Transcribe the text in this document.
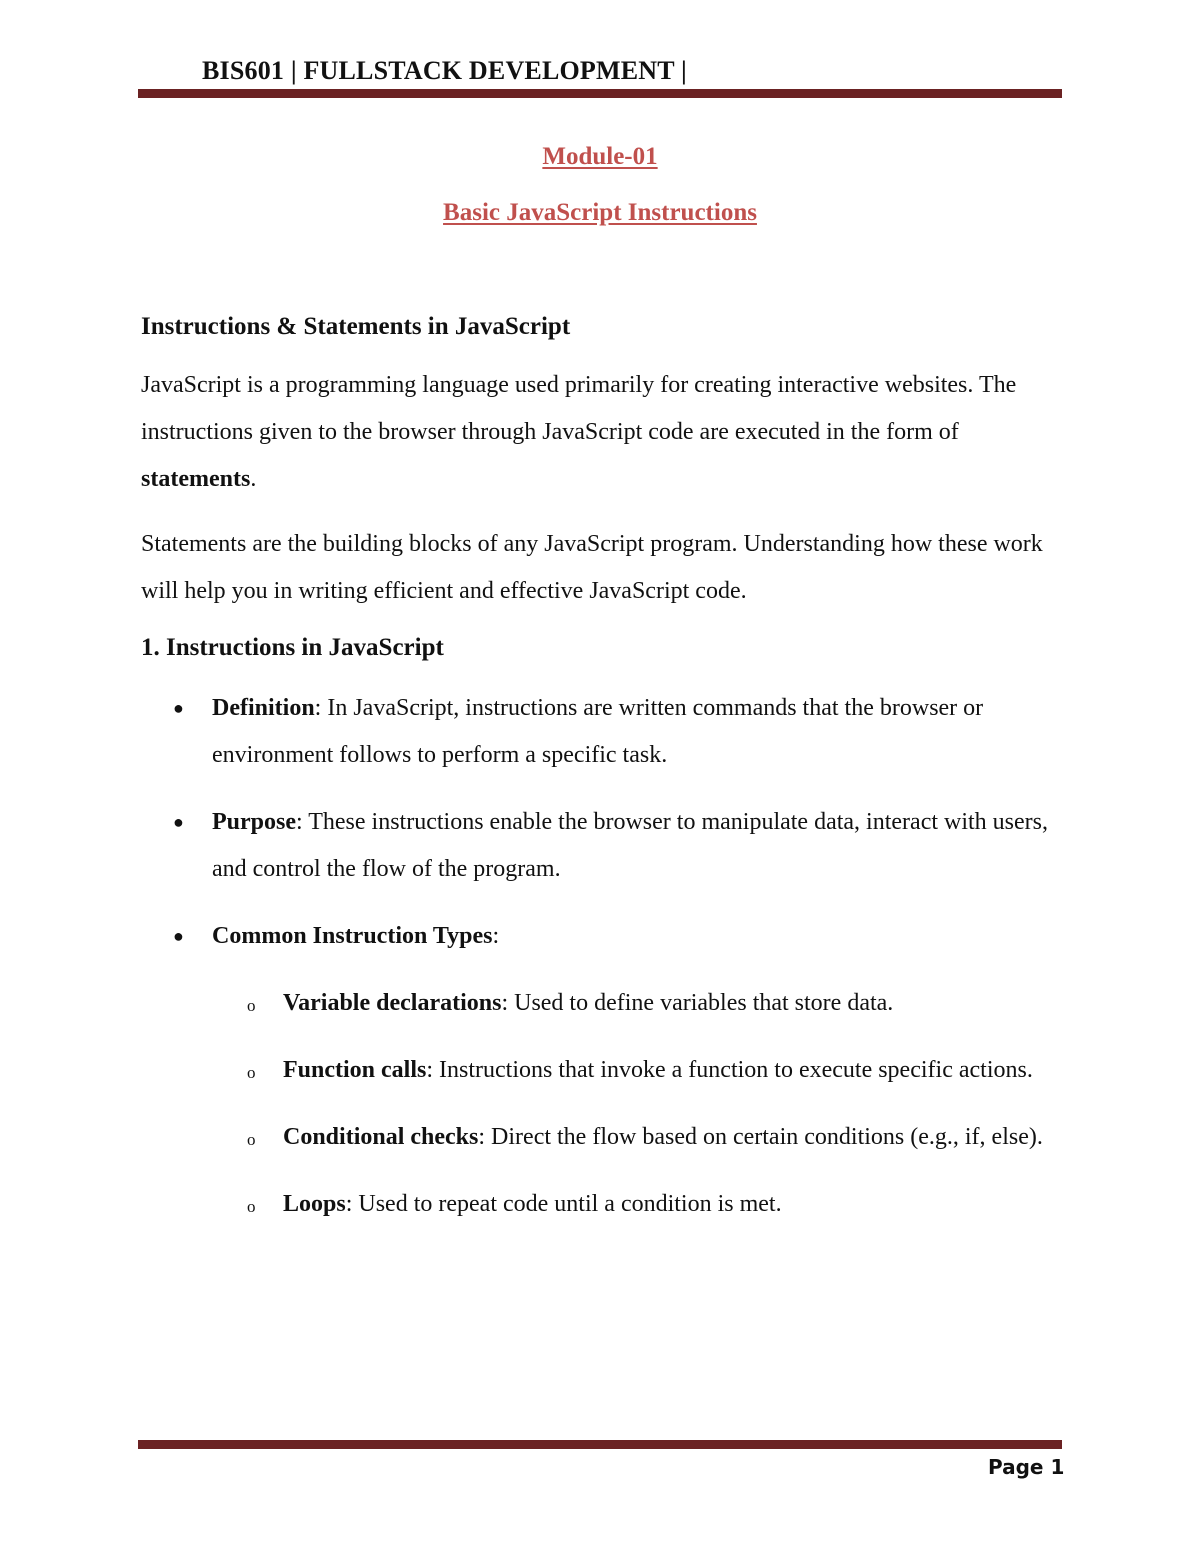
BIS601 | FULLSTACK DEVELOPMENT |
Module-01
Basic JavaScript Instructions
Instructions & Statements in JavaScript

JavaScript is a programming language used primarily for creating interactive websites. The instructions given to the browser through JavaScript code are executed in the form of statements.

Statements are the building blocks of any JavaScript program. Understanding how these work will help you in writing efficient and effective JavaScript code.

1. Instructions in JavaScript
● Definition: In JavaScript, instructions are written commands that the browser or environment follows to perform a specific task.
● Purpose: These instructions enable the browser to manipulate data, interact with users, and control the flow of the program.
● Common Instruction Types:
o Variable declarations: Used to define variables that store data.
o Function calls: Instructions that invoke a function to execute specific actions.
o Conditional checks: Direct the flow based on certain conditions (e.g., if, else).
o Loops: Used to repeat code until a condition is met.
Page 1
